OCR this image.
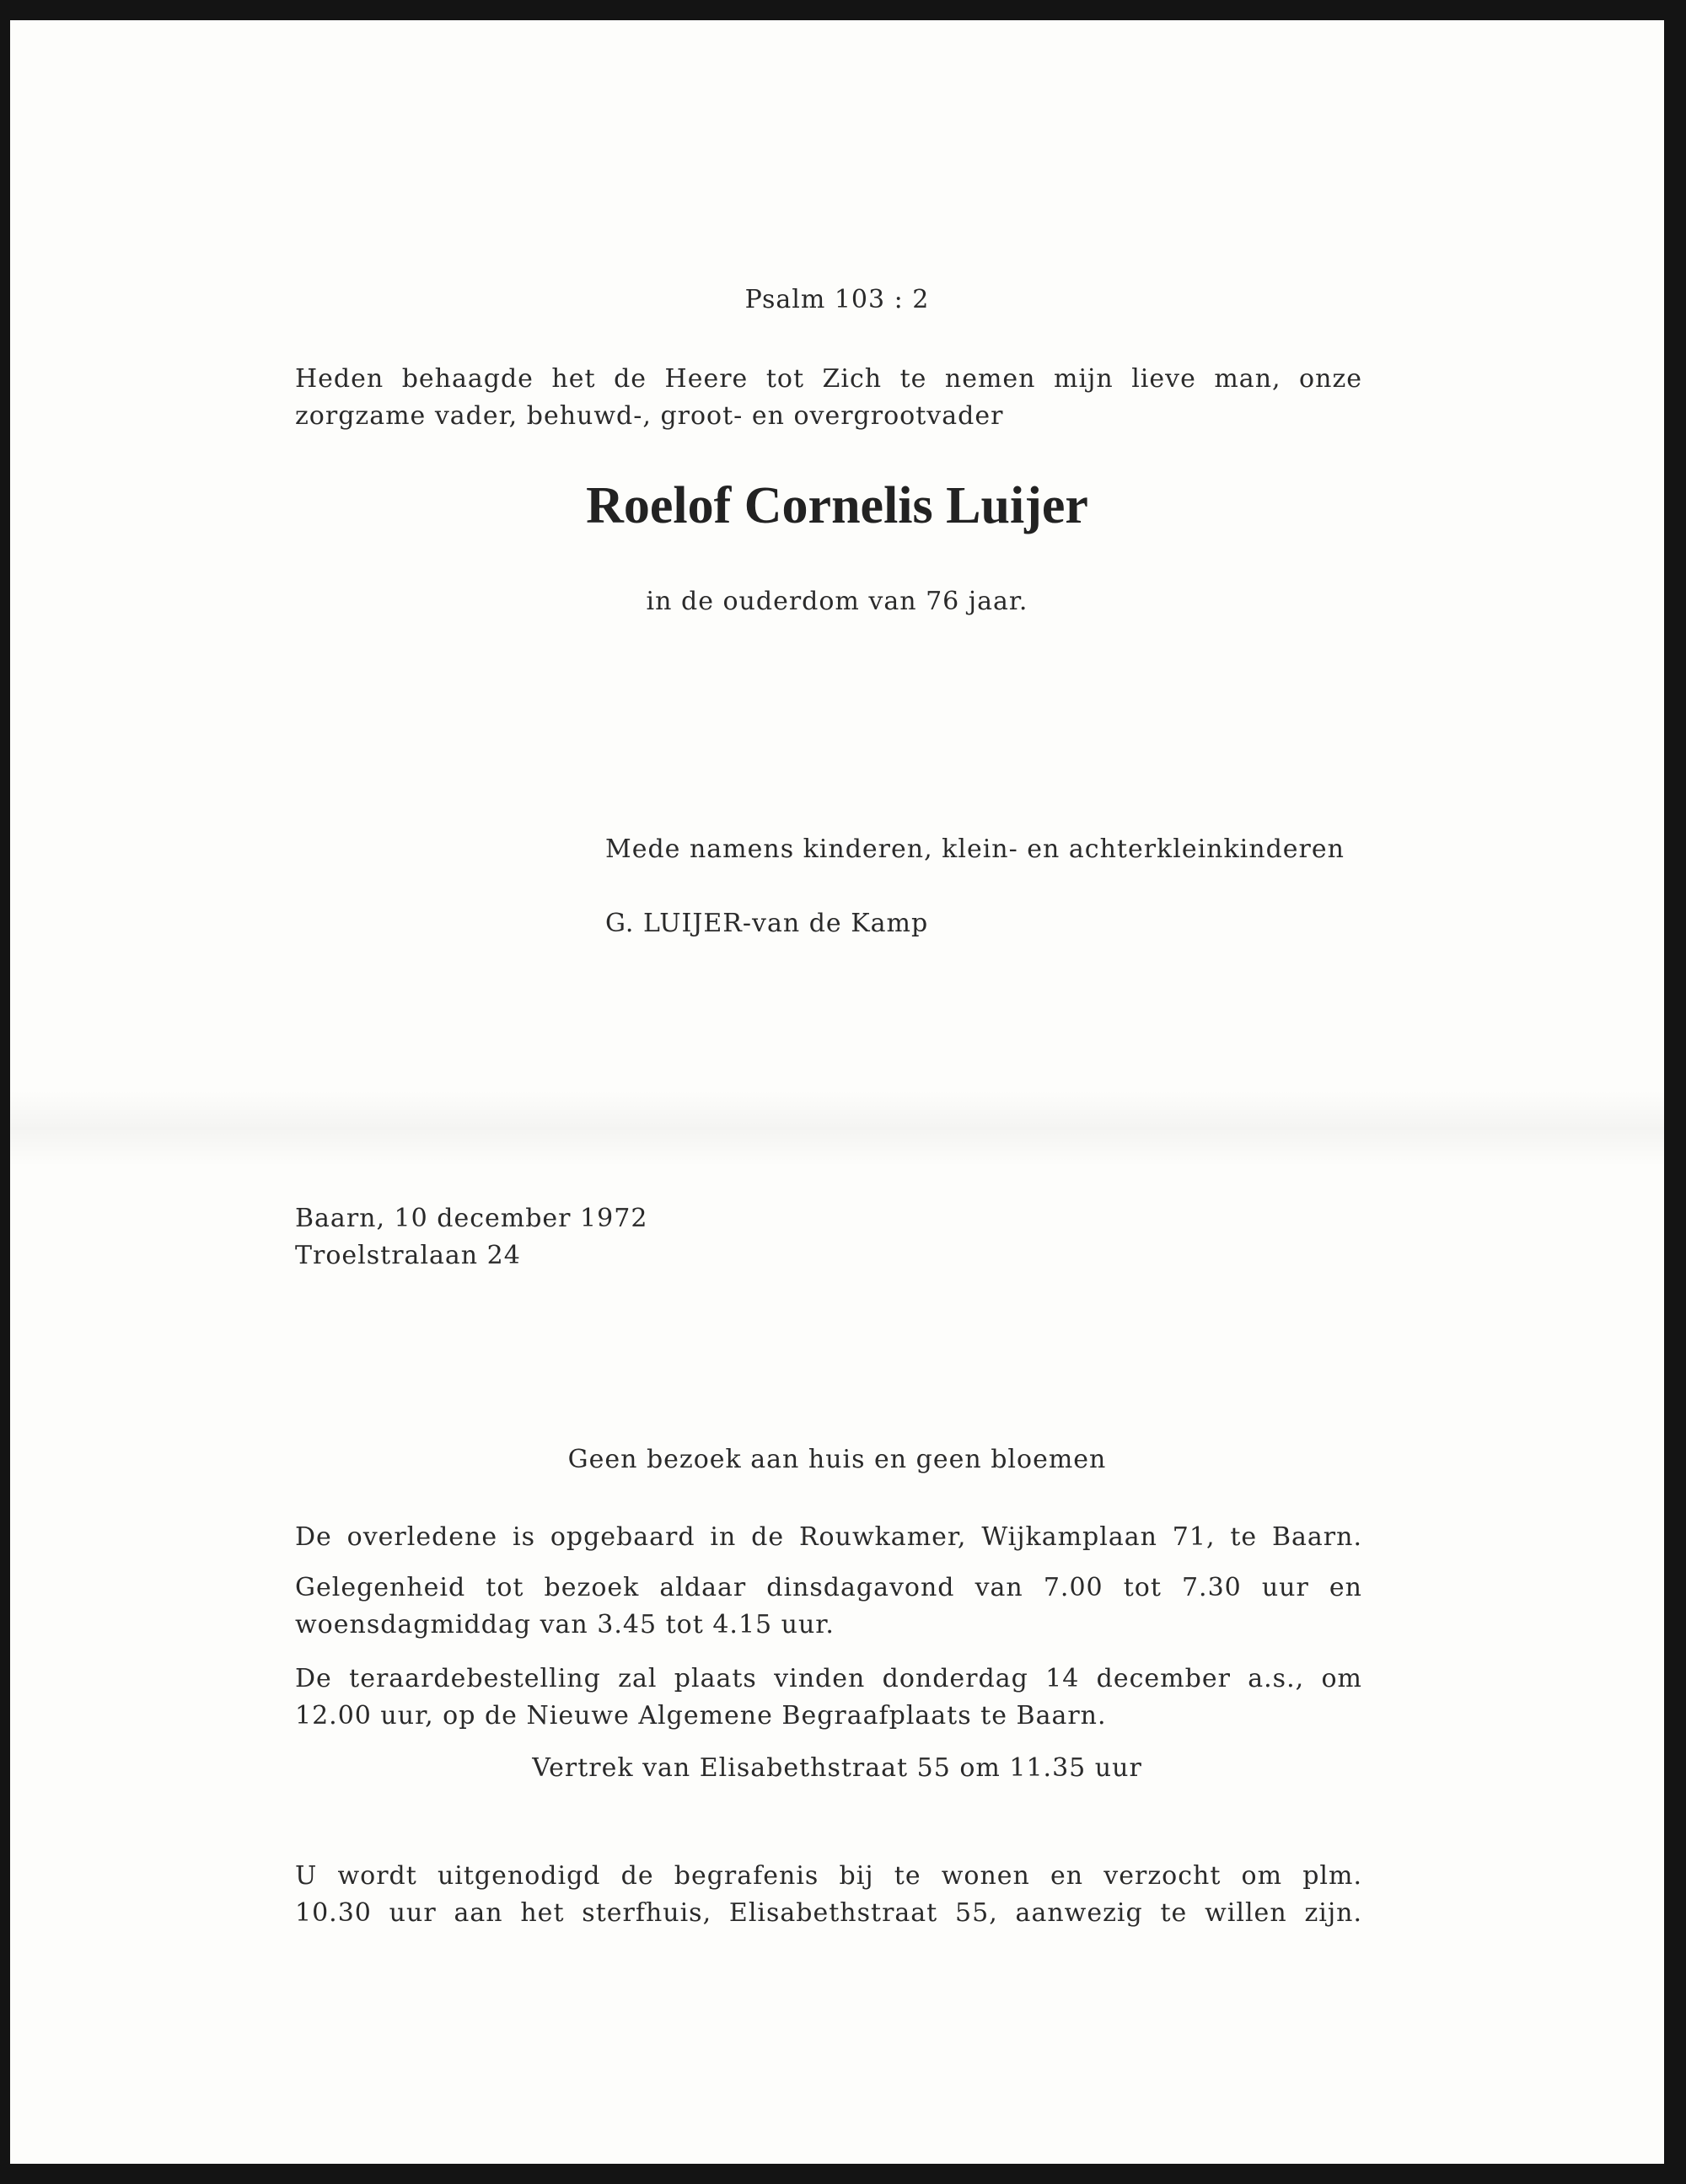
Psalm 103 : 2

Heden behaagde het de Heere tot Zich te nemen mijn lieve man, onze

zorgzame vader, behuwd-, groot- en overgrootvader

Roelof Cornelis Luijer

in de ouderdom van 76 jaar.

Mede namens kinderen, klein- en achterkleinkinderen

G. LUIJER-van de Kamp

Baarn, 10 december 1972

Troelstralaan 24

Geen bezoek aan huis en geen bloemen

De overledene is opgebaard in de Rouwkamer, Wijkamplaan 71, te Baarn.

Gelegenheid tot bezoek aldaar dinsdagavond van 7.00 tot 7.30 uur en

woensdagmiddag van 3.45 tot 4.15 uur.

De teraardebestelling zal plaats vinden donderdag 14 december a.s., om

12.00 uur, op de Nieuwe Algemene Begraafplaats te Baarn.

Vertrek van Elisabethstraat 55 om 11.35 uur

U wordt uitgenodigd de begrafenis bij te wonen en verzocht om plm.

10.30 uur aan het sterfhuis, Elisabethstraat 55, aanwezig te willen zijn.
